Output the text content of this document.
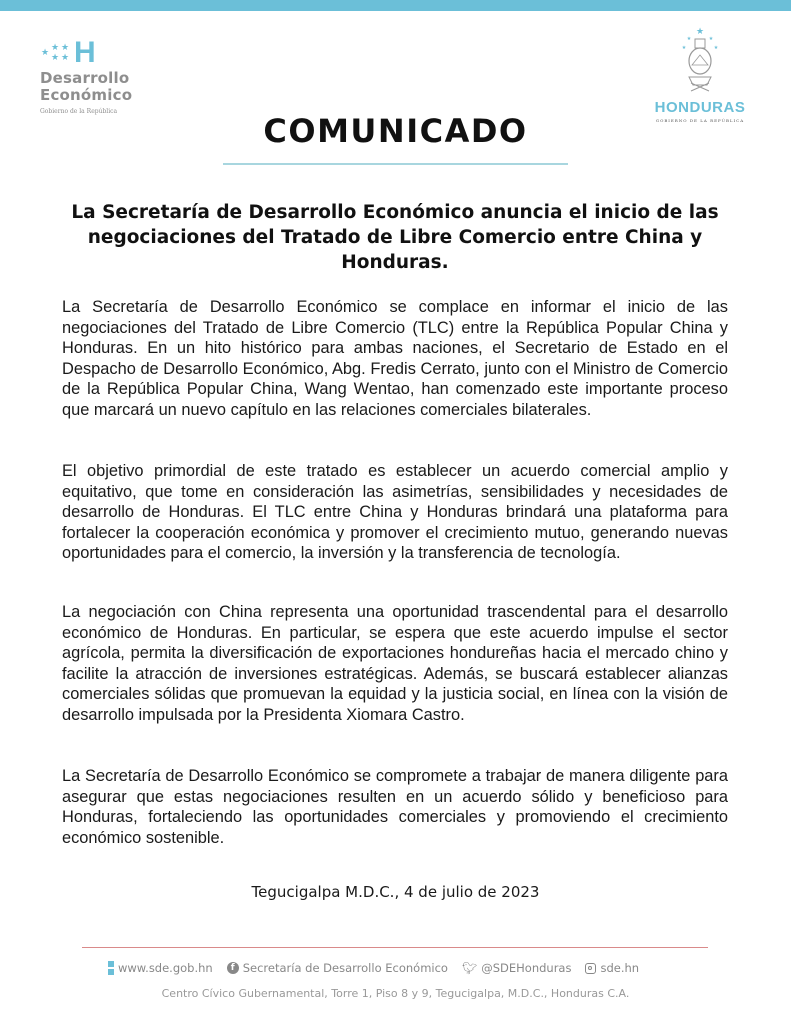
★
★ ★
★ ★ H
Desarrollo
Económico
Gobierno de la República
★
★	★
★	★
HONDURAS
GOBIERNO DE LA REPÚBLICA
COMUNICADO
La Secretaría de Desarrollo Económico anuncia el inicio de las negociaciones del Tratado de Libre Comercio entre China y Honduras.

La Secretaría de Desarrollo Económico se complace en informar el inicio de las negociaciones del Tratado de Libre Comercio (TLC) entre la República Popular China y Honduras. En un hito histórico para ambas naciones, el Secretario de Estado en el Despacho de Desarrollo Económico, Abg. Fredis Cerrato, junto con el Ministro de Comercio de la República Popular China, Wang Wentao, han comenzado este importante proceso que marcará un nuevo capítulo en las relaciones comerciales bilaterales.

El objetivo primordial de este tratado es establecer un acuerdo comercial amplio y equitativo, que tome en consideración las asimetrías, sensibilidades y necesidades de desarrollo de Honduras. El TLC entre China y Honduras brindará una plataforma para fortalecer la cooperación económica y promover el crecimiento mutuo, generando nuevas oportunidades para el comercio, la inversión y la transferencia de tecnología.

La negociación con China representa una oportunidad trascendental para el desarrollo económico de Honduras. En particular, se espera que este acuerdo impulse el sector agrícola, permita la diversificación de exportaciones hondureñas hacia el mercado chino y facilite la atracción de inversiones estratégicas. Además, se buscará establecer alianzas comerciales sólidas que promuevan la equidad y la justicia social, en línea con la visión de desarrollo impulsada por la Presidenta Xiomara Castro.

La Secretaría de Desarrollo Económico se compromete a trabajar de manera diligente para asegurar que estas negociaciones resulten en un acuerdo sólido y beneficioso para Honduras, fortaleciendo las oportunidades comerciales y promoviendo el crecimiento económico sostenible.

Tegucigalpa M.D.C., 4 de julio de 2023
www.sde.gob.hn	f Secretaría de Desarrollo Económico 🐦︎ @SDEHonduras	sde.hn
Centro Cívico Gubernamental, Torre 1, Piso 8 y 9, Tegucigalpa, M.D.C., Honduras C.A.
